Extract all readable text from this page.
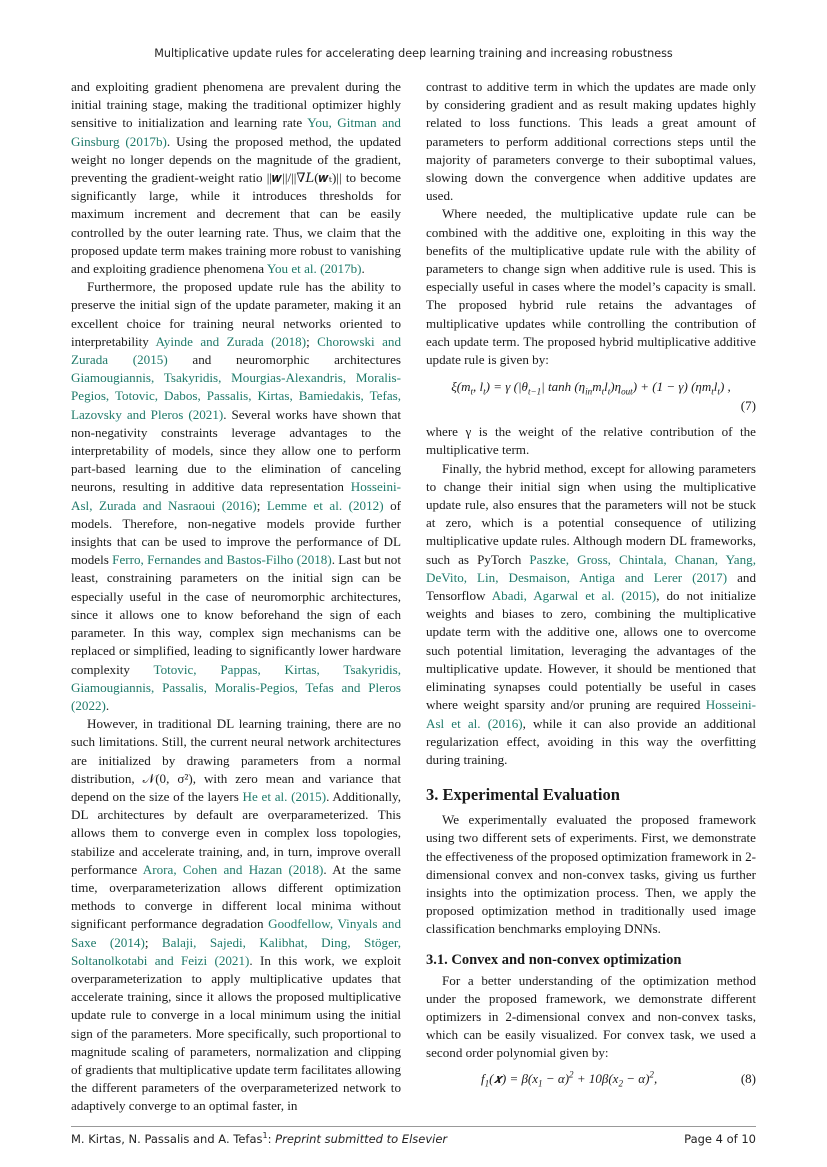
Multiplicative update rules for accelerating deep learning training and increasing robustness

and exploiting gradient phenomena are prevalent during the initial training stage, making the traditional optimizer highly sensitive to initialization and learning rate You, Gitman and Ginsburg (2017b). Using the proposed method, the updated weight no longer depends on the magnitude of the gradient, preventing the gradient-weight ratio ||𝒘||/||∇𝐿(𝒘ₜ)|| to become significantly large, while it introduces thresholds for maximum increment and decrement that can be easily controlled by the outer learning rate. Thus, we claim that the proposed update term makes training more robust to vanishing and exploiting gradience phenomena You et al. (2017b).

Furthermore, the proposed update rule has the ability to preserve the initial sign of the update parameter, making it an excellent choice for training neural networks oriented to interpretability Ayinde and Zurada (2018); Chorowski and Zurada (2015) and neuromorphic architectures Giamougiannis, Tsakyridis, Mourgias-Alexandris, Moralis-Pegios, Totovic, Dabos, Passalis, Kirtas, Bamiedakis, Tefas, Lazovsky and Pleros (2021). Several works have shown that non-negativity constraints leverage advantages to the interpretability of models, since they allow one to perform part-based learning due to the elimination of canceling neurons, resulting in additive data representation Hosseini-Asl, Zurada and Nasraoui (2016); Lemme et al. (2012) of models. Therefore, non-negative models provide further insights that can be used to improve the performance of DL models Ferro, Fernandes and Bastos-Filho (2018). Last but not least, constraining parameters on the initial sign can be especially useful in the case of neuromorphic architectures, since it allows one to know beforehand the sign of each parameter. In this way, complex sign mechanisms can be replaced or simplified, leading to significantly lower hardware complexity Totovic, Pappas, Kirtas, Tsakyridis, Giamougiannis, Passalis, Moralis-Pegios, Tefas and Pleros (2022).

However, in traditional DL learning training, there are no such limitations. Still, the current neural network architectures are initialized by drawing parameters from a normal distribution, 𝒩(0, σ²), with zero mean and variance that depend on the size of the layers He et al. (2015). Additionally, DL architectures by default are overparameterized. This allows them to converge even in complex loss topologies, stabilize and accelerate training, and, in turn, improve overall performance Arora, Cohen and Hazan (2018). At the same time, overparameterization allows different optimization methods to converge in different local minima without significant performance degradation Goodfellow, Vinyals and Saxe (2014); Balaji, Sajedi, Kalibhat, Ding, Stöger, Soltanolkotabi and Feizi (2021). In this work, we exploit overparameterization to apply multiplicative updates that accelerate training, since it allows the proposed multiplicative update rule to converge in a local minimum using the initial sign of the parameters. More specifically, such proportional to magnitude scaling of parameters, normalization and clipping of gradients that multiplicative update term facilitates allowing the different parameters of the overparameterized network to adaptively converge to an optimal faster, in

contrast to additive term in which the updates are made only by considering gradient and as result making updates highly related to loss functions. This leads a great amount of parameters to perform additional corrections steps until the majority of parameters converge to their suboptimal values, slowing down the convergence when additive updates are used.

Where needed, the multiplicative update rule can be combined with the additive one, exploiting in this way the benefits of the multiplicative update rule with the ability of parameters to change sign when additive rule is used. This is especially useful in cases where the model’s capacity is small. The proposed hybrid rule retains the advantages of multiplicative updates while controlling the contribution of each update term. The proposed hybrid multiplicative additive update rule is given by:

$\xi(m_t$, $l_t) = \gamma$ ($|\theta_{t-1}|$ $\tanh (\eta_{in}m_tl_t)\eta_{out}) + (1 - \gamma)$ $(\eta m_tl_t)$ ,
(7)

where γ is the weight of the relative contribution of the multiplicative term.

Finally, the hybrid method, except for allowing parameters to change their initial sign when using the multiplicative update rule, also ensures that the parameters will not be stuck at zero, which is a potential consequence of utilizing multiplicative update rules. Although modern DL frameworks, such as PyTorch Paszke, Gross, Chintala, Chanan, Yang, DeVito, Lin, Desmaison, Antiga and Lerer (2017) and Tensorflow Abadi, Agarwal et al. (2015), do not initialize weights and biases to zero, combining the multiplicative update term with the additive one, allows one to overcome such potential limitation, leveraging the advantages of the multiplicative update. However, it should be mentioned that eliminating synapses could potentially be useful in cases where weight sparsity and/or pruning are required Hosseini-Asl et al. (2016), while it can also provide an additional regularization effect, avoiding in this way the overfitting during training.

3. Experimental Evaluation

We experimentally evaluated the proposed framework using two different sets of experiments. First, we demonstrate the effectiveness of the proposed optimization framework in 2-dimensional convex and non-convex tasks, giving us further insights into the optimization process. Then, we apply the proposed optimization method in traditionally used image classification benchmarks employing DNNs.

3.1. Convex and non-convex optimization

For a better understanding of the optimization method under the proposed framework, we demonstrate different optimizers in 2-dimensional convex and non-convex tasks, which can be easily visualized. For convex task, we used a second order polynomial given by:

$f_1(𝒙) = \beta(x_1 - \alpha)^2 + 10\beta(x_2 - \alpha)^2$,	(8)
M. Kirtas, N. Passalis and A. Tefas$^1$: Preprint submitted to Elsevier	Page 4 of 10
